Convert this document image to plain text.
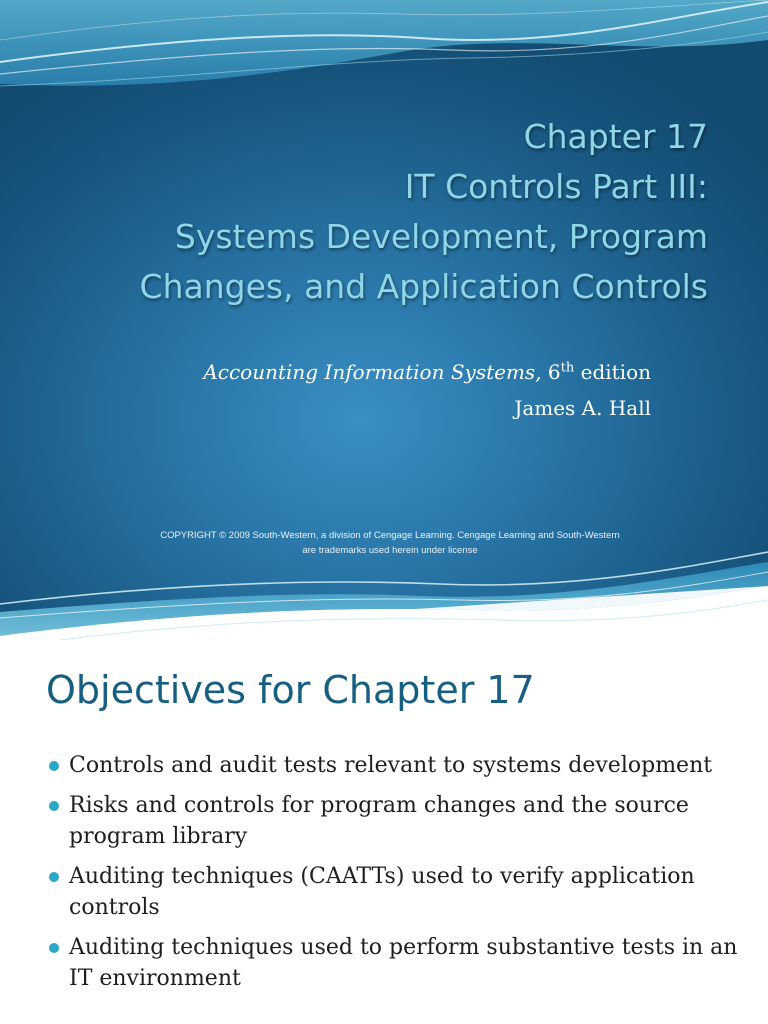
Chapter 17
IT Controls Part III:
Systems Development, Program
Changes, and Application Controls
Accounting Information Systems, 6th edition
James A. Hall
COPYRIGHT © 2009 South-Western, a division of Cengage Learning. Cengage Learning and South-Western
are trademarks used herein under license
Objectives for Chapter 17
Controls and audit tests relevant to systems development
Risks and controls for program changes and the source program library
Auditing techniques (CAATTs) used to verify application controls
Auditing techniques used to perform substantive tests in an IT environment
